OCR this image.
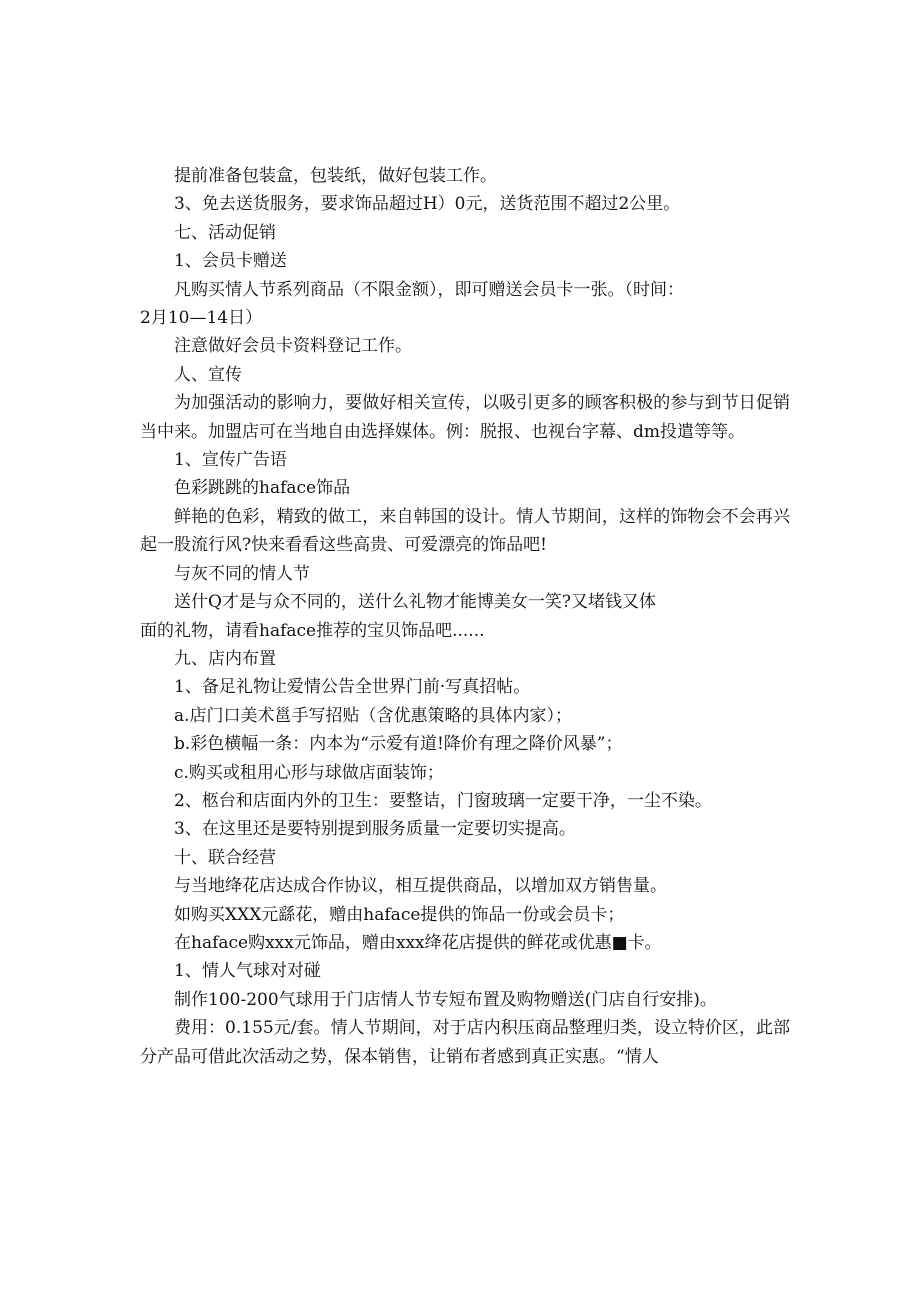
提前准备包装盒，包装纸，做好包装工作。

3、免去送货服务，要求饰品超过H）0元，送货范围不超过2公里。

七、活动促销

1、会员卡赠送

凡购买情人节系列商品（不限金额），即可赠送会员卡一张。（时间：

2月10—14日）

注意做好会员卡资料登记工作。

人、宣传

为加强活动的影响力，要做好相关宣传，以吸引更多的顾客积极的参与到节日促销当中来。加盟店可在当地自由选择媒体。例：脱报、也视台字幕、dm投遣等等。

1、宣传广告语

色彩跳跳的haface饰品

鲜艳的色彩，精致的做工，来自韩国的设计。情人节期间，这样的饰物会不会再兴起一股流行风?快来看看这些高贵、可爱漂亮的饰品吧!

与灰不同的情人节

送什Q才是与众不同的，送什么礼物才能博美女一笑?又堵钱又体

面的礼物，请看haface推荐的宝贝饰品吧......

九、店内布置

1、备足礼物让爱情公告全世界门前·写真招帖。

a.店门口美术邕手写招贴（含优惠策略的具体内家）；

b.彩色横幅一条：内本为“示爱有道!降价有理之降价风暴”；

c.购买或租用心形与球做店面装饰；

2、柩台和店面内外的卫生：要整诘，门窗玻璃一定要干净，一尘不染。

3、在这里还是要特别提到服务质量一定要切实提高。

十、联合经营

与当地绛花店达成合作协议，相互提供商品，以增加双方销售量。

如购买XXX元繇花，赠由haface提供的饰品一份或会员卡；

在haface购xxx元饰品，赠由xxx绛花店提供的鲜花或优惠■卡。

1、情人气球对对碰

制作100-200气球用于门店情人节专短布置及购物赠送(门店自行安排)。

费用：0.155元/套。情人节期间，对于店内积压商品整理归类，设立特价区，此部分产品可借此次活动之势，保本销售，让销布者感到真正实惠。“情人
